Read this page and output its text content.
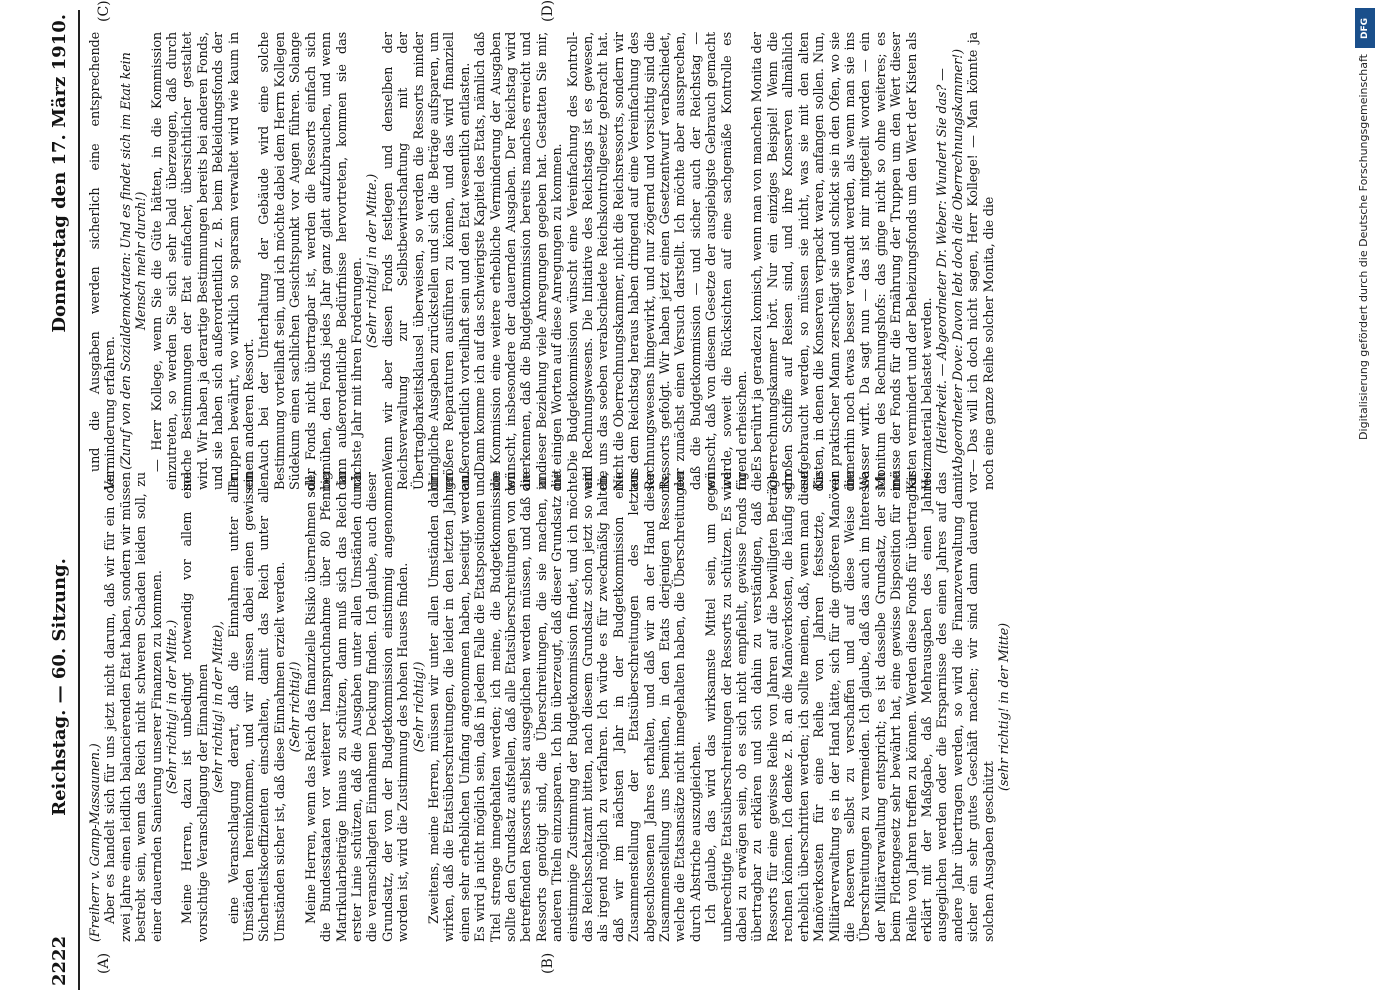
2222
Reichstag. — 60. Sitzung.
Donnerstag den 17. März 1910.
(A)	(B)
(C)	(D)

(Freiherr v. Gamp-Massaunen.) Aber es handelt sich für uns jetzt nicht darum, daß wir für ein oder zwei Jahre einen leidlich balancierenden Etat haben, sondern wir müssen bestrebt sein, wenn das Reich nicht schweren Schaden leiden soll, zu einer dauernden Sanierung unserer Finanzen zu kommen. (Sehr richtig! in der Mitte.) Meine Herren, dazu ist unbedingt notwendig vor allem eine vorsichtige Veranschlagung der Einnahmen (sehr richtig! in der Mitte), eine Veranschlagung derart, daß die Einnahmen unter allen Umständen hereinkommen, und wir müssen dabei einen gewissen Sicherheitskoeffizienten einschalten, damit das Reich unter allen Umständen sicher ist, daß diese Einnahmen erzielt werden. (Sehr richtig!) Meine Herren, wenn das Reich das finanzielle Risiko übernehmen soll, die Bundesstaaten vor weiterer Inanspruchnahme über 80 Pfennig Matrikularbeiträge hinaus zu schützen, dann muß sich das Reich in erster Linie schützen, daß die Ausgaben unter allen Umständen durch die veranschlagten Einnahmen Deckung finden. Ich glaube, auch dieser Grundsatz, der von der Budgetkommission einstimmig angenommen worden ist, wird die Zustimmung des hohen Hauses finden. (Sehr richtig!) Zweitens, meine Herren, müssen wir unter allen Umständen dahin wirken, daß die Etatsüberschreitungen, die leider in den letzten Jahren einen sehr erheblichen Umfang angenommen haben, beseitigt werden. Es wird ja nicht möglich sein, daß in jedem Falle die Etatspositionen und Titel strenge innegehalten werden; ich meine, die Budgetkommission sollte den Grundsatz aufstellen, daß alle Etatsüberschreitungen von den betreffenden Ressorts selbst ausgeglichen werden müssen, und daß die Ressorts genötigt sind, die Überschreitungen, die sie machen, an anderen Titeln einzusparen. Ich bin überzeugt, daß dieser Grundsatz die einstimmige Zustimmung der Budgetkommission findet, und ich möchte das Reichsschatzamt bitten, nach diesem Grundsatz schon jetzt so weit als irgend möglich zu verfahren. Ich würde es für zweckmäßig halten, daß wir im nächsten Jahr in der Budgetkommission eine Zusammenstellung der Etatsüberschreitungen des letzten abgeschlossenen Jahres erhalten, und daß wir an der Hand dieser Zusammenstellung uns bemühen, in den Etats derjenigen Ressorts, welche die Etatsansätze nicht innegehalten haben, die Überschreitungen durch Abstriche auszugleichen. Ich glaube, das wird das wirksamste Mittel sein, um gegen unberechtigte Etatsüberschreitungen der Ressorts zu schützen. Es wird dabei zu erwägen sein, ob es sich nicht empfiehlt, gewisse Fonds für übertragbar zu erklären und sich dahin zu verständigen, daß die Ressorts für eine gewisse Reihe von Jahren auf die bewilligten Beträge rechnen können. Ich denke z. B. an die Manöverkosten, die häufig sehr erheblich überschritten werden; ich sollte meinen, daß, wenn man diese Manöverkosten für eine Reihe von Jahren festsetzte, die Militärverwaltung es in der Hand hätte, sich für die größeren Manöver die Reserven selbst zu verschaffen und auf diese Weise die Überschreitungen zu vermeiden. Ich glaube, daß das auch im Interesse der Militärverwaltung entspricht; es ist dasselbe Grundsatz, der sich beim Flottengesetz sehr bewährt hat, eine gewisse Disposition für eine Reihe von Jahren treffen zu können. Werden diese Fonds für übertragbar erklärt mit der Maßgabe, daß Mehrausgaben des einen Jahres ausgeglichen werden oder die Ersparnisse des einen Jahres auf das andere Jahr übertragen werden, so wird die Finanzverwaltung damit sicher ein sehr gutes Geschäft machen; wir sind dann dauernd vor solchen Ausgaben geschützt

(sehr richtig! in der Mitte)

und die Ausgaben werden sicherlich eine entsprechende Verminderung erfahren. (Zuruf von den Sozialdemokraten: Und es findet sich im Etat kein Mensch mehr durch!) — Herr Kollege, wenn Sie die Güte hätten, in die Kommission einzutreten, so werden Sie sich sehr bald überzeugen, daß durch solche Bestimmungen der Etat einfacher, übersichtlicher gestaltet wird. Wir haben ja derartige Bestimmungen bereits bei anderen Fonds, und sie haben sich außerordentlich z. B. beim Bekleidungsfonds der Truppen bewährt, wo wirklich so sparsam verwaltet wird wie kaum in einem anderen Ressort. Auch bei der Unterhaltung der Gebäude wird eine solche Bestimmung vorteilhaft sein, und ich möchte dabei dem Herrn Kollegen Südekum einen sachlichen Gesichtspunkt vor Augen führen. Solange der Fonds nicht übertragbar ist, werden die Ressorts einfach sich bemühen, den Fonds jedes Jahr ganz glatt aufzubrauchen, und wenn dann außerordentliche Bedürfnisse hervortreten, kommen sie das nächste Jahr mit ihren Forderungen. (Sehr richtig! in der Mitte.) Wenn wir aber diesen Fonds festlegen und denselben der Reichsverwaltung zur Selbstbewirtschaftung mit der Übertragbarkeitsklausel überweisen, so werden die Ressorts minder dringliche Ausgaben zurückstellen und sich die Beträge aufsparen, um größere Reparaturen ausführen zu können, und das wird finanziell außerordentlich vorteilhaft sein und den Etat wesentlich entlasten. Dann komme ich auf das schwierigste Kapitel des Etats, nämlich daß die Kommission eine weitere erhebliche Verminderung der Ausgaben wünscht, insbesondere der dauernden Ausgaben. Der Reichstag wird anerkennen, daß die Budgetkommission bereits manches erreicht und in dieser Beziehung viele Anregungen gegeben hat. Gestatten Sie mir, mit einigen Worten auf diese Anregungen zu kommen. Die Budgetkommission wünscht eine Vereinfachung des Kontroll- und Rechnungswesens. Die Initiative des Reichstags ist es gewesen, die uns das soeben verabschiedete Reichskontrollgesetz gebracht hat. Nicht die Oberrechnungskammer, nicht die Reichsressorts, sondern wir aus dem Reichstag heraus haben dringend auf eine Vereinfachung des Rechnungswesens hingewirkt, und nur zögernd und vorsichtig sind die Ressorts gefolgt. Wir haben jetzt einen Gesetzentwurf verabschiedet, der zunächst einen Versuch darstellt. Ich möchte aber aussprechen, daß die Budgetkommission — und sicher auch der Reichstag — wünscht, daß von diesem Gesetze der ausgiebigste Gebrauch gemacht werde, soweit die Rücksichten auf eine sachgemäße Kontrolle es irgend erheischen. Es berührt ja geradezu komisch, wenn man von manchen Monita der Oberrechnungskammer hört. Nur ein einziges Beispiel! Wenn die großen Schiffe auf Reisen sind, und ihre Konserven allmählich aufgebraucht werden, so müssen sie nicht, was sie mit den alten Kisten, in denen die Konserven verpackt waren, anfangen sollen. Nun, ein praktischer Mann zerschlägt sie und schickt sie in den Ofen, wo sie immerhin noch etwas besser verwandt werden, als wenn man sie ins Wasser wirft. Da sagt nun — das ist mir mitgeteilt worden — ein Monitum des Rechnungshofs: das ginge nicht so ohne weiteres; es müsse der Fonds für die Ernährung der Truppen um den Wert dieser Kisten vermindert und der Beheizungsfonds um den Wert der Kisten als Heizmaterial belastet werden. (Heiterkeit. — Abgeordneter Dr. Weber: Wundert Sie das? — Abgeordneter Dove: Davon lebt doch die Oberrechnungskammer!) — Das will ich doch nicht sagen, Herr Kollege! — Man könnte ja noch eine ganze Reihe solcher Monita, die die

DFG
Digitalisierung gefördert durch die Deutsche Forschungsgemeinschaft
